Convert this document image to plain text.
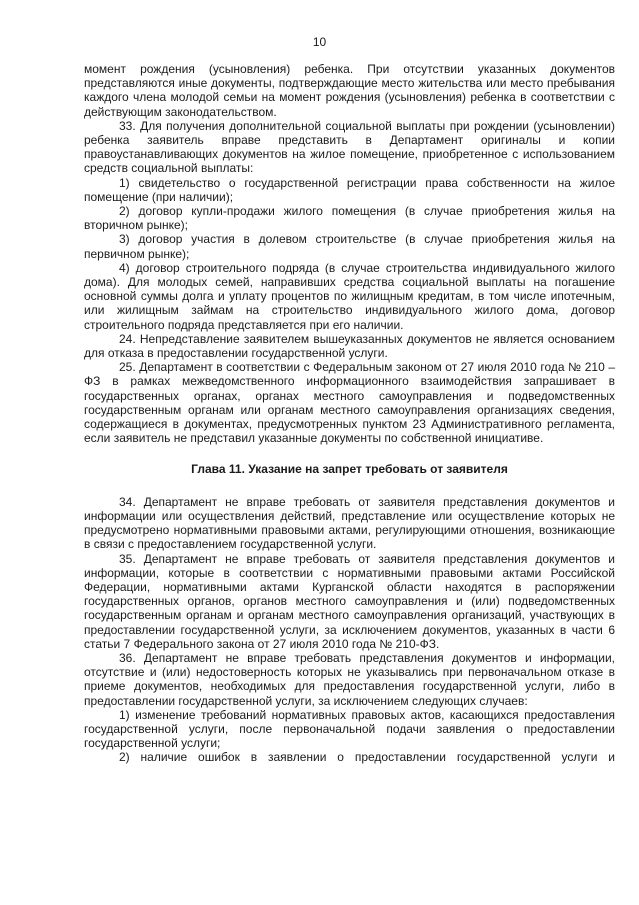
10

момент рождения (усыновления) ребенка. При отсутствии указанных документов представляются иные документы, подтверждающие место жительства или место пребывания каждого члена молодой семьи на момент рождения (усыновления) ребенка в соответствии с действующим законодательством.

33. Для получения дополнительной социальной выплаты при рождении (усыновлении) ребенка заявитель вправе представить в Департамент оригиналы и копии правоустанавливающих документов на жилое помещение, приобретенное с использованием средств социальной выплаты:

1) свидетельство о государственной регистрации права собственности на жилое помещение (при наличии);

2) договор купли-продажи жилого помещения (в случае приобретения жилья на вторичном рынке);

3) договор участия в долевом строительстве (в случае приобретения жилья на первичном рынке);

4) договор строительного подряда (в случае строительства индивидуального жилого дома). Для молодых семей, направивших средства социальной выплаты на погашение основной суммы долга и уплату процентов по жилищным кредитам, в том числе ипотечным, или жилищным займам на строительство индивидуального жилого дома, договор строительного подряда представляется при его наличии.

24. Непредставление заявителем вышеуказанных документов не является основанием для отказа в предоставлении государственной услуги.

25. Департамент в соответствии с Федеральным законом от 27 июля 2010 года № 210 – ФЗ в рамках межведомственного информационного взаимодействия запрашивает в государственных органах, органах местного самоуправления и подведомственных государственным органам или органам местного самоуправления организациях сведения, содержащиеся в документах, предусмотренных пунктом 23 Административного регламента, если заявитель не представил указанные документы по собственной инициативе.

Глава 11. Указание на запрет требовать от заявителя

34. Департамент не вправе требовать от заявителя представления документов и информации или осуществления действий, представление или осуществление которых не предусмотрено нормативными правовыми актами, регулирующими отношения, возникающие в связи с предоставлением государственной услуги.

35. Департамент не вправе требовать от заявителя представления документов и информации, которые в соответствии с нормативными правовыми актами Российской Федерации, нормативными актами Курганской области находятся в распоряжении государственных органов, органов местного самоуправления и (или) подведомственных государственным органам и органам местного самоуправления организаций, участвующих в предоставлении государственной услуги, за исключением документов, указанных в части 6 статьи 7 Федерального закона от 27 июля 2010 года № 210-ФЗ.

36. Департамент не вправе требовать представления документов и информации, отсутствие и (или) недостоверность которых не указывались при первоначальном отказе в приеме документов, необходимых для предоставления государственной услуги, либо в предоставлении государственной услуги, за исключением следующих случаев:

1) изменение требований нормативных правовых актов, касающихся предоставления государственной услуги, после первоначальной подачи заявления о предоставлении государственной услуги;

2) наличие ошибок в заявлении о предоставлении государственной услуги и
